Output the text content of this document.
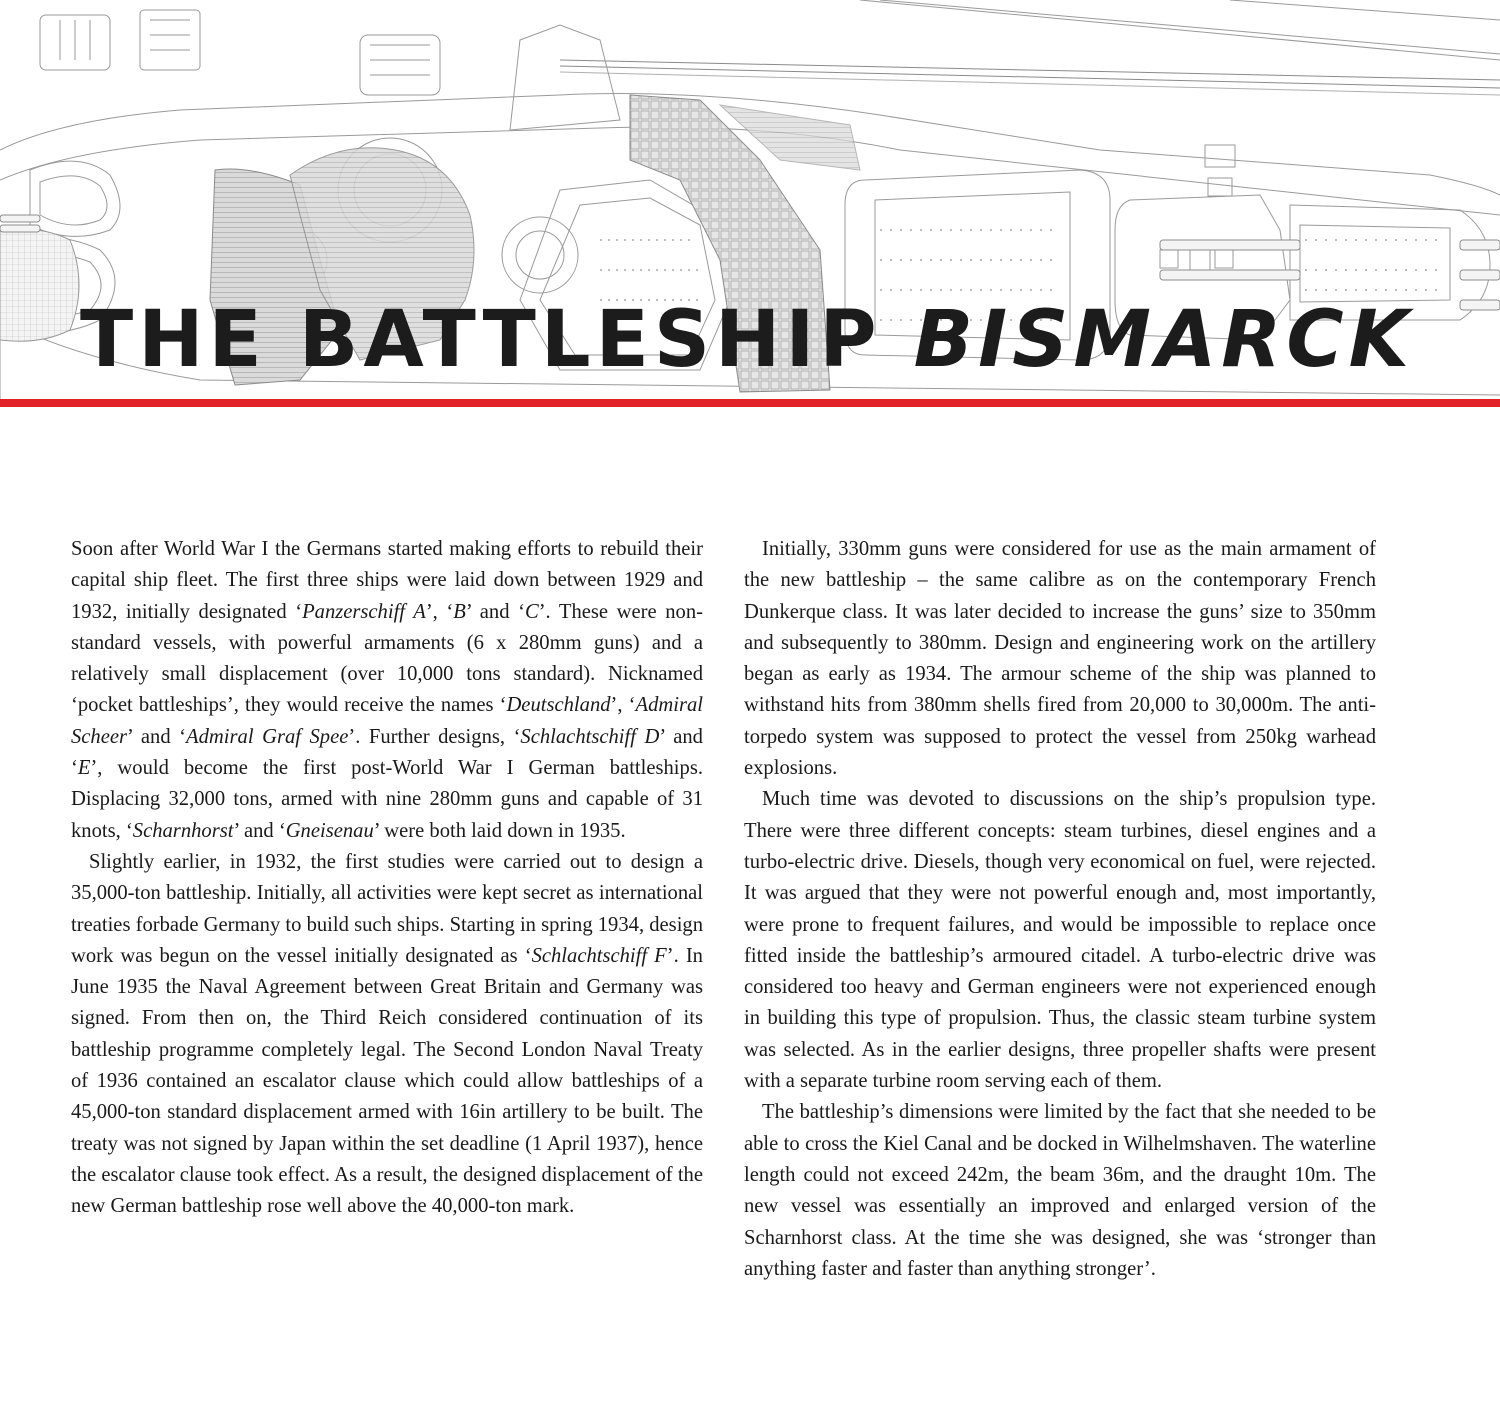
THE BATTLESHIP BISMARCK

Soon after World War I the Germans started making efforts to rebuild their capital ship fleet. The first three ships were laid down between 1929 and 1932, initially designated ‘Panzerschiff A’, ‘B’ and ‘C’. These were non-standard vessels, with powerful armaments (6 x 280mm guns) and a relatively small displacement (over 10,000 tons standard). Nicknamed ‘pocket battleships’, they would receive the names ‘Deutschland’, ‘Admiral Scheer’ and ‘Admiral Graf Spee’. Further designs, ‘Schlachtschiff D’ and ‘E’, would become the first post-World War I German battleships. Displacing 32,000 tons, armed with nine 280mm guns and capable of 31 knots, ‘Scharnhorst’ and ‘Gneisenau’ were both laid down in 1935.

Slightly earlier, in 1932, the first studies were carried out to design a 35,000-ton battleship. Initially, all activities were kept secret as international treaties forbade Germany to build such ships. Starting in spring 1934, design work was begun on the vessel initially designated as ‘Schlachtschiff F’. In June 1935 the Naval Agreement between Great Britain and Germany was signed. From then on, the Third Reich considered continuation of its battleship programme completely legal. The Second London Naval Treaty of 1936 contained an escalator clause which could allow battleships of a 45,000-ton standard displacement armed with 16in artillery to be built. The treaty was not signed by Japan within the set deadline (1 April 1937), hence the escalator clause took effect. As a result, the designed displacement of the new German battleship rose well above the 40,000-ton mark.

Initially, 330mm guns were considered for use as the main armament of the new battleship – the same calibre as on the contemporary French Dunkerque class. It was later decided to increase the guns’ size to 350mm and subsequently to 380mm. Design and engineering work on the artillery began as early as 1934. The armour scheme of the ship was planned to withstand hits from 380mm shells fired from 20,000 to 30,000m. The anti-torpedo system was supposed to protect the vessel from 250kg warhead explosions.

Much time was devoted to discussions on the ship’s propulsion type. There were three different concepts: steam turbines, diesel engines and a turbo-electric drive. Diesels, though very economical on fuel, were rejected. It was argued that they were not powerful enough and, most importantly, were prone to frequent failures, and would be impossible to replace once fitted inside the battleship’s armoured citadel. A turbo-electric drive was considered too heavy and German engineers were not experienced enough in building this type of propulsion. Thus, the classic steam turbine system was selected. As in the earlier designs, three propeller shafts were present with a separate turbine room serving each of them.

The battleship’s dimensions were limited by the fact that she needed to be able to cross the Kiel Canal and be docked in Wilhelmshaven. The waterline length could not exceed 242m, the beam 36m, and the draught 10m. The new vessel was essentially an improved and enlarged version of the Scharnhorst class. At the time she was designed, she was ‘stronger than anything faster and faster than anything stronger’.
